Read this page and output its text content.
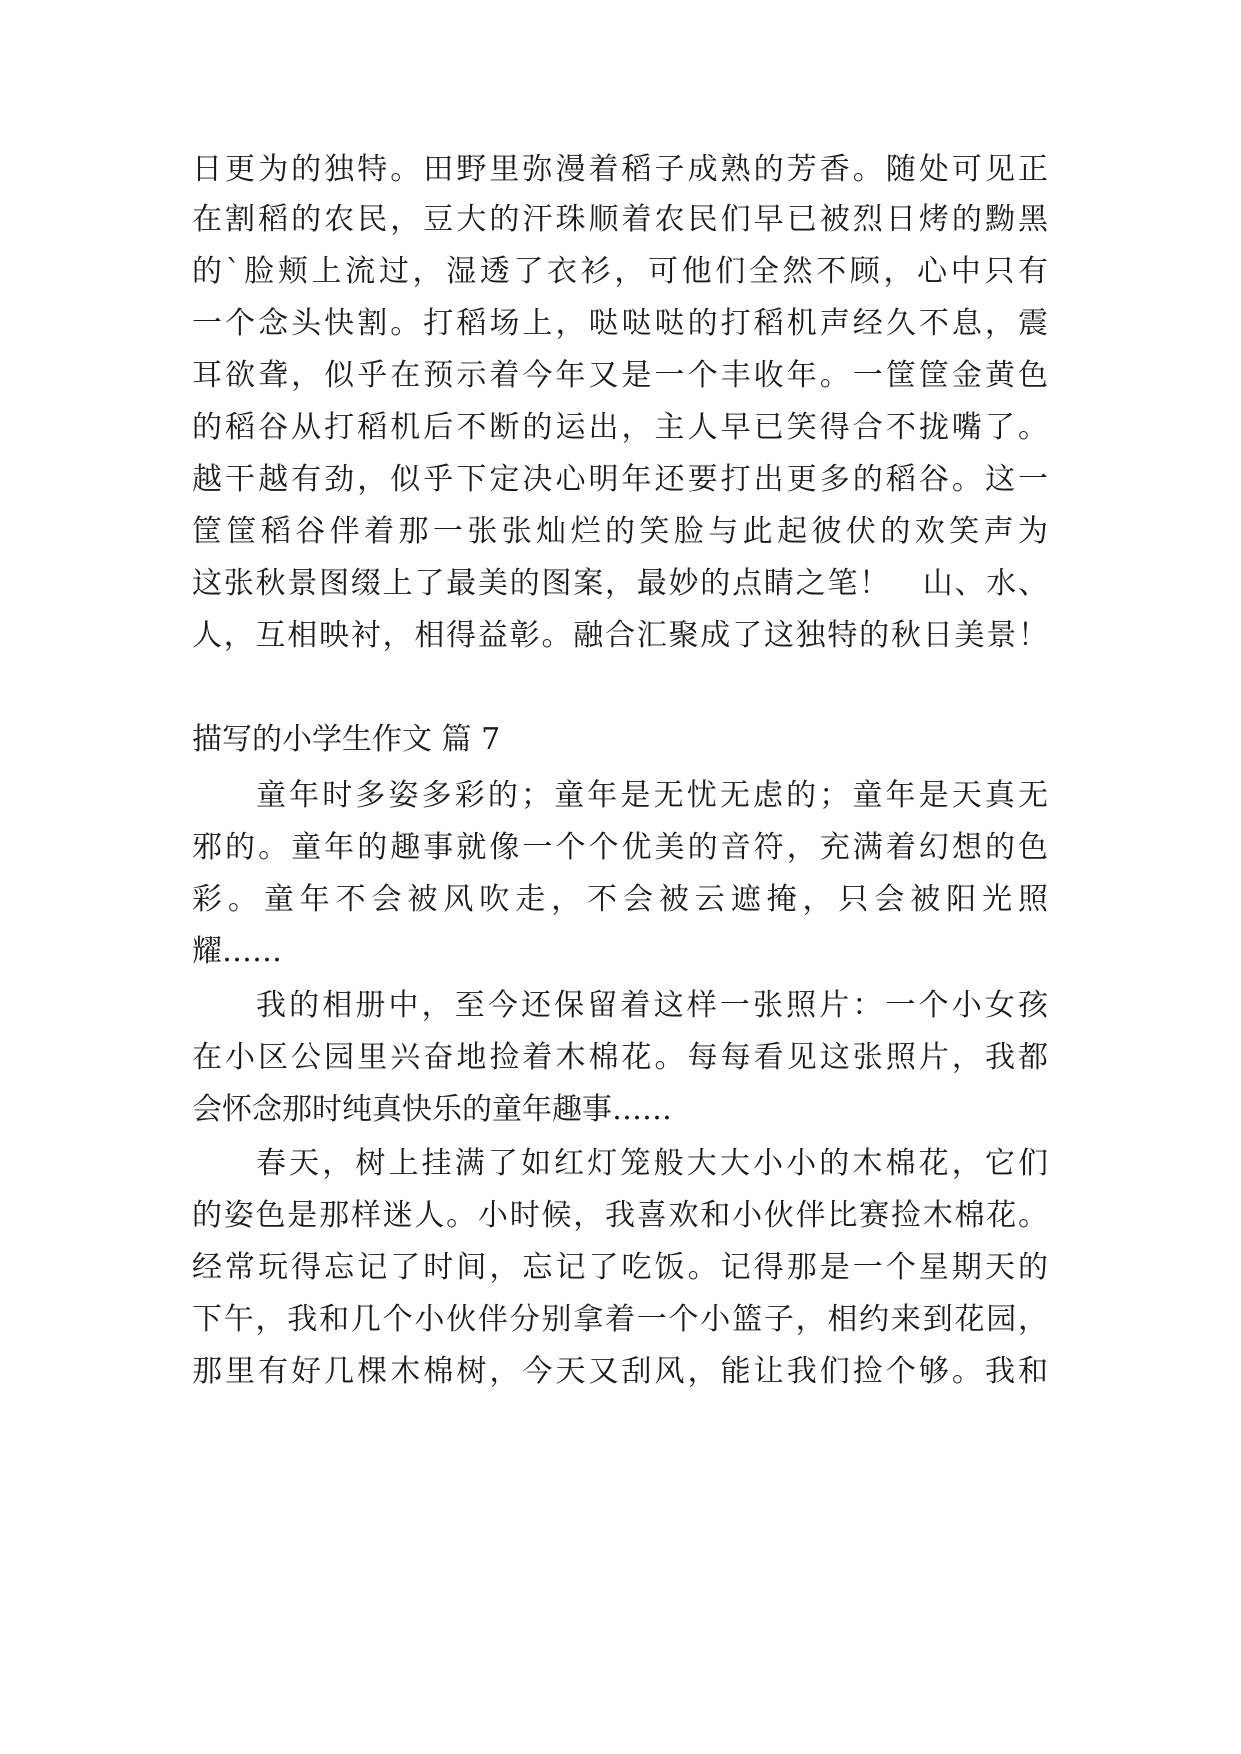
日更为的独特。田野里弥漫着稻子成熟的芳香。随处可见正
在割稻的农民，豆大的汗珠顺着农民们早已被烈日烤的黝黑
的`脸颊上流过，湿透了衣衫，可他们全然不顾，心中只有
一个念头快割。打稻场上，哒哒哒的打稻机声经久不息，震
耳欲聋，似乎在预示着今年又是一个丰收年。一筐筐金黄色
的稻谷从打稻机后不断的运出，主人早已笑得合不拢嘴了。
越干越有劲，似乎下定决心明年还要打出更多的稻谷。这一
筐筐稻谷伴着那一张张灿烂的笑脸与此起彼伏的欢笑声为
这张秋景图缀上了最美的图案，最妙的点睛之笔！　山、水、
人，互相映衬，相得益彰。融合汇聚成了这独特的秋日美景！
描写的小学生作文 篇 7
童年时多姿多彩的；童年是无忧无虑的；童年是天真无
邪的。童年的趣事就像一个个优美的音符，充满着幻想的色
彩。童年不会被风吹走，不会被云遮掩，只会被阳光照
耀……
我的相册中，至今还保留着这样一张照片：一个小女孩
在小区公园里兴奋地捡着木棉花。每每看见这张照片，我都
会怀念那时纯真快乐的童年趣事……
春天，树上挂满了如红灯笼般大大小小的木棉花，它们
的姿色是那样迷人。小时候，我喜欢和小伙伴比赛捡木棉花。
经常玩得忘记了时间，忘记了吃饭。记得那是一个星期天的
下午，我和几个小伙伴分别拿着一个小篮子，相约来到花园，
那里有好几棵木棉树，今天又刮风，能让我们捡个够。我和
